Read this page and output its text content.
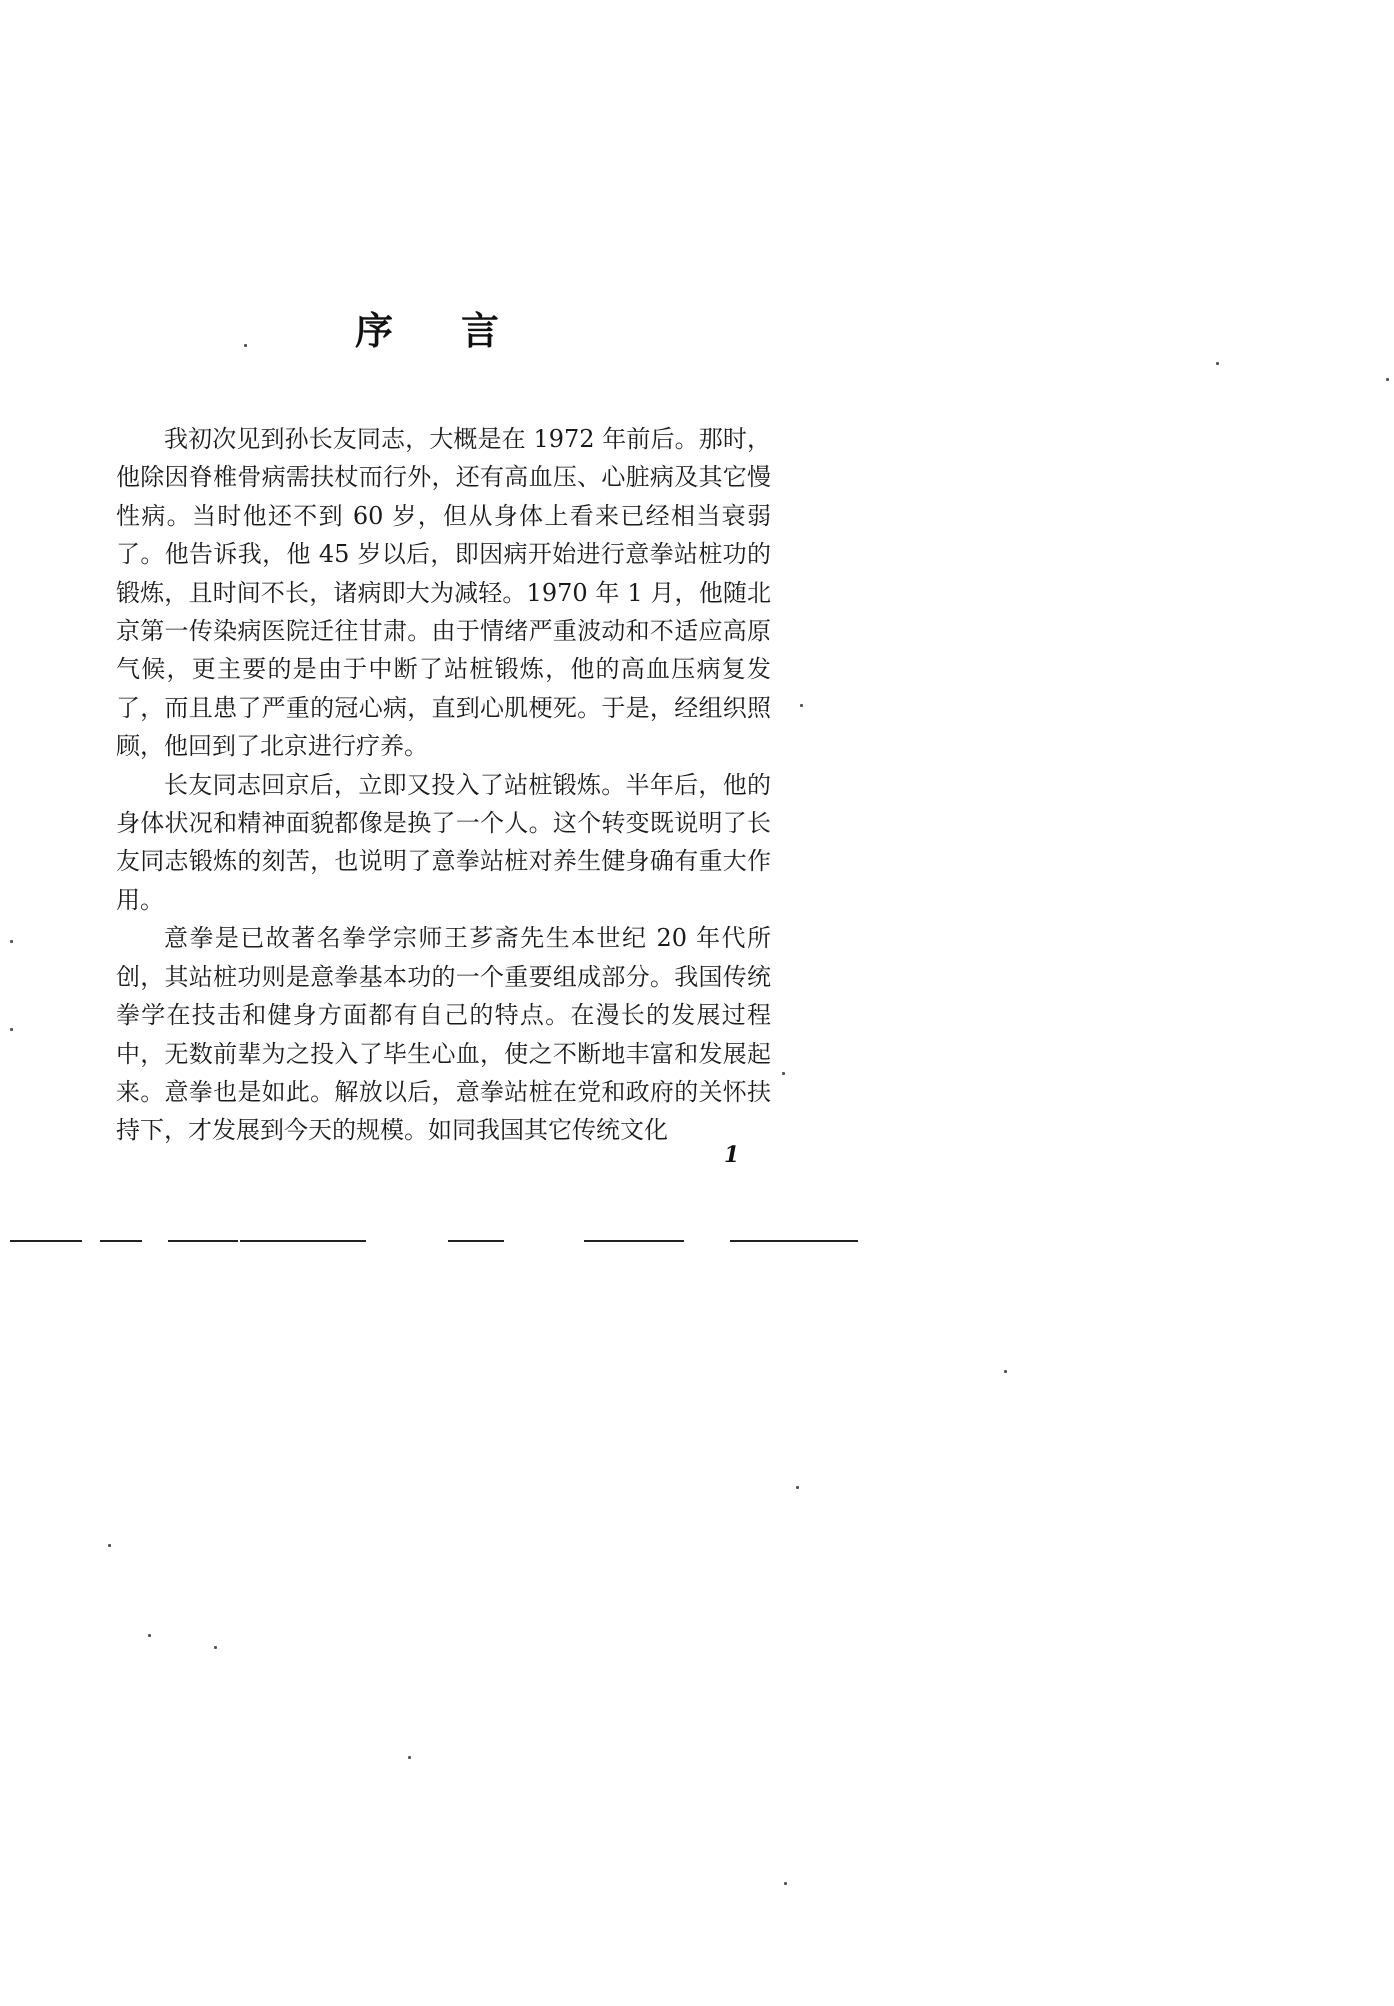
序 言

我初次见到孙长友同志，大概是在 1972 年前后。那时，他除因脊椎骨病需扶杖而行外，还有高血压、心脏病及其它慢性病。当时他还不到 60 岁，但从身体上看来已经相当衰弱了。他告诉我，他 45 岁以后，即因病开始进行意拳站桩功的锻炼，且时间不长，诸病即大为减轻。1970 年 1 月，他随北京第一传染病医院迁往甘肃。由于情绪严重波动和不适应高原气候，更主要的是由于中断了站桩锻炼，他的高血压病复发了，而且患了严重的冠心病，直到心肌梗死。于是，经组织照顾，他回到了北京进行疗养。

长友同志回京后，立即又投入了站桩锻炼。半年后，他的身体状况和精神面貌都像是换了一个人。这个转变既说明了长友同志锻炼的刻苦，也说明了意拳站桩对养生健身确有重大作用。

意拳是已故著名拳学宗师王芗斋先生本世纪 20 年代所创，其站桩功则是意拳基本功的一个重要组成部分。我国传统拳学在技击和健身方面都有自己的特点。在漫长的发展过程中，无数前辈为之投入了毕生心血，使之不断地丰富和发展起来。意拳也是如此。解放以后，意拳站桩在党和政府的关怀扶持下，才发展到今天的规模。如同我国其它传统文化

1
